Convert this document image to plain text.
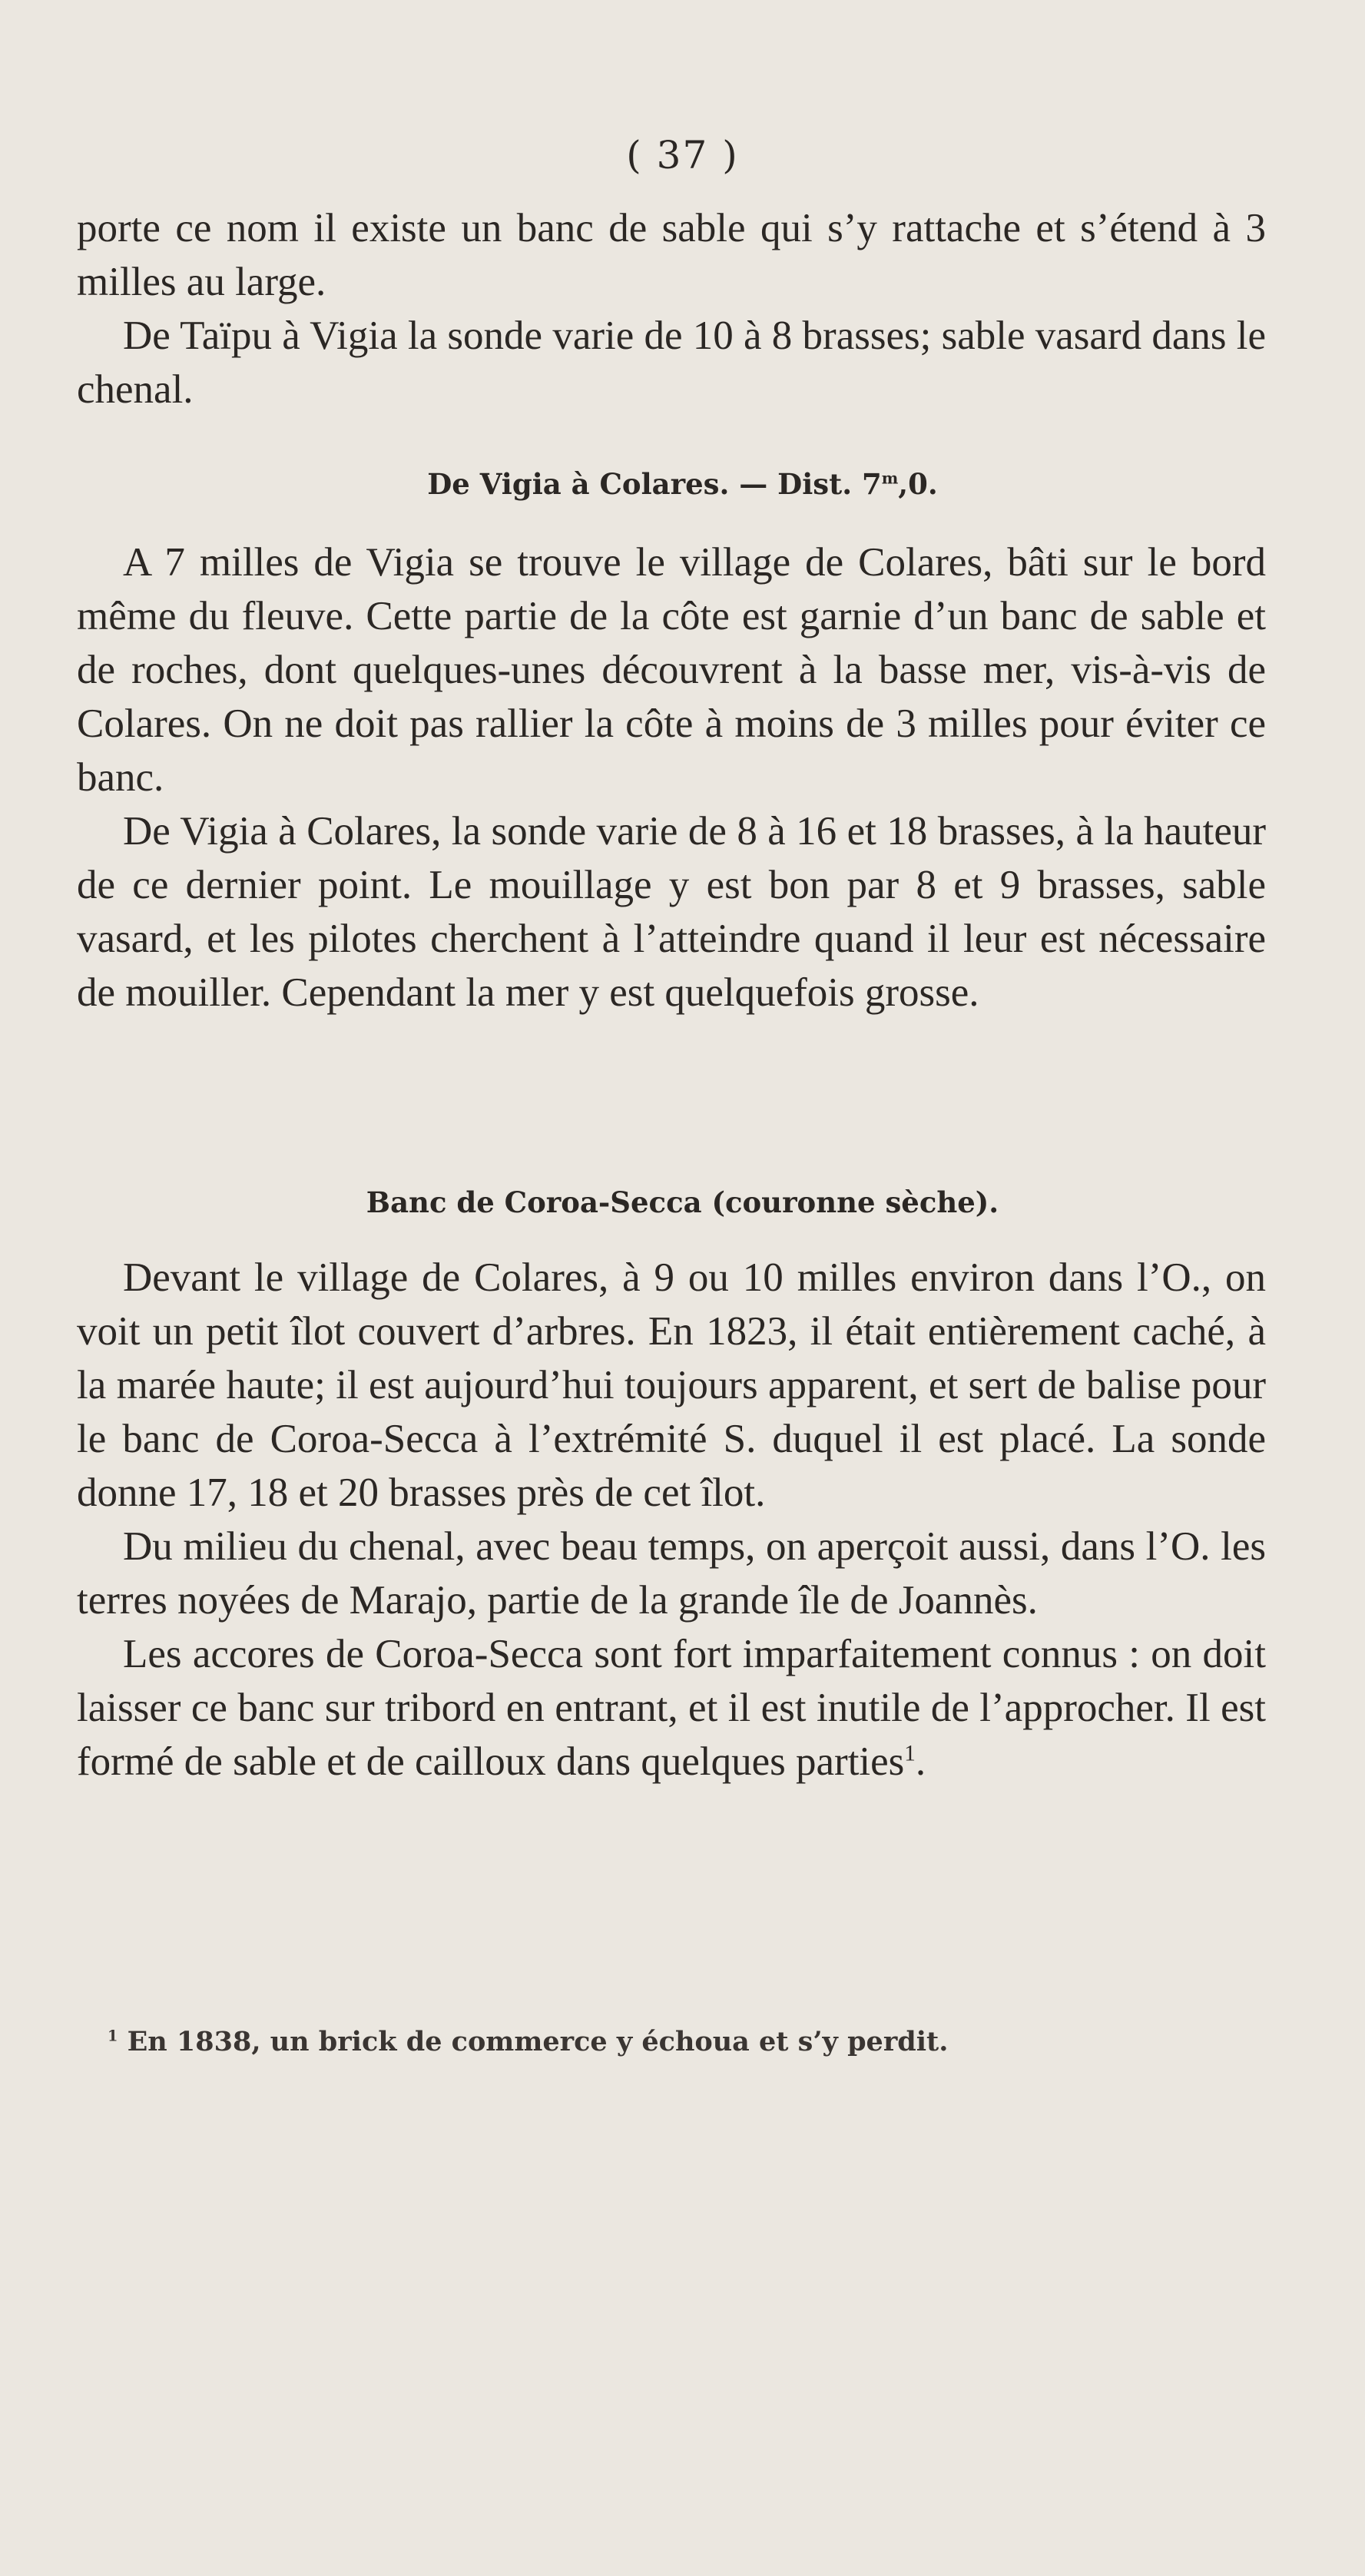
( 37 )

porte ce nom il existe un banc de sable qui s’y rattache et s’étend à 3 milles au large.

De Taïpu à Vigia la sonde varie de 10 à 8 brasses; sable vasard dans le chenal.

De Vigia à Colares. — Dist. 7$^m$,0.

A 7 milles de Vigia se trouve le village de Colares, bâti sur le bord même du fleuve. Cette partie de la côte est garnie d’un banc de sable et de roches, dont quelques-unes découvrent à la basse mer, vis-à-vis de Colares. On ne doit pas rallier la côte à moins de 3 milles pour éviter ce banc.

De Vigia à Colares, la sonde varie de 8 à 16 et 18 brasses, à la hauteur de ce dernier point. Le mouillage y est bon par 8 et 9 brasses, sable vasard, et les pilotes cherchent à l’atteindre quand il leur est nécessaire de mouiller. Cependant la mer y est quelquefois grosse.

Banc de Coroa-Secca (couronne sèche).

Devant le village de Colares, à 9 ou 10 milles environ dans l’O., on voit un petit îlot couvert d’arbres. En 1823, il était entièrement caché, à la marée haute; il est aujourd’hui toujours apparent, et sert de balise pour le banc de Coroa-Secca à l’extrémité S. duquel il est placé. La sonde donne 17, 18 et 20 brasses près de cet îlot.

Du milieu du chenal, avec beau temps, on aperçoit aussi, dans l’O. les terres noyées de Marajo, partie de la grande île de Joannès.

Les accores de Coroa-Secca sont fort imparfaitement connus : on doit laisser ce banc sur tribord en entrant, et il est inutile de l’approcher. Il est formé de sable et de cailloux dans quelques parties$^1$.

$^1$ En 1838, un brick de commerce y échoua et s’y perdit.
